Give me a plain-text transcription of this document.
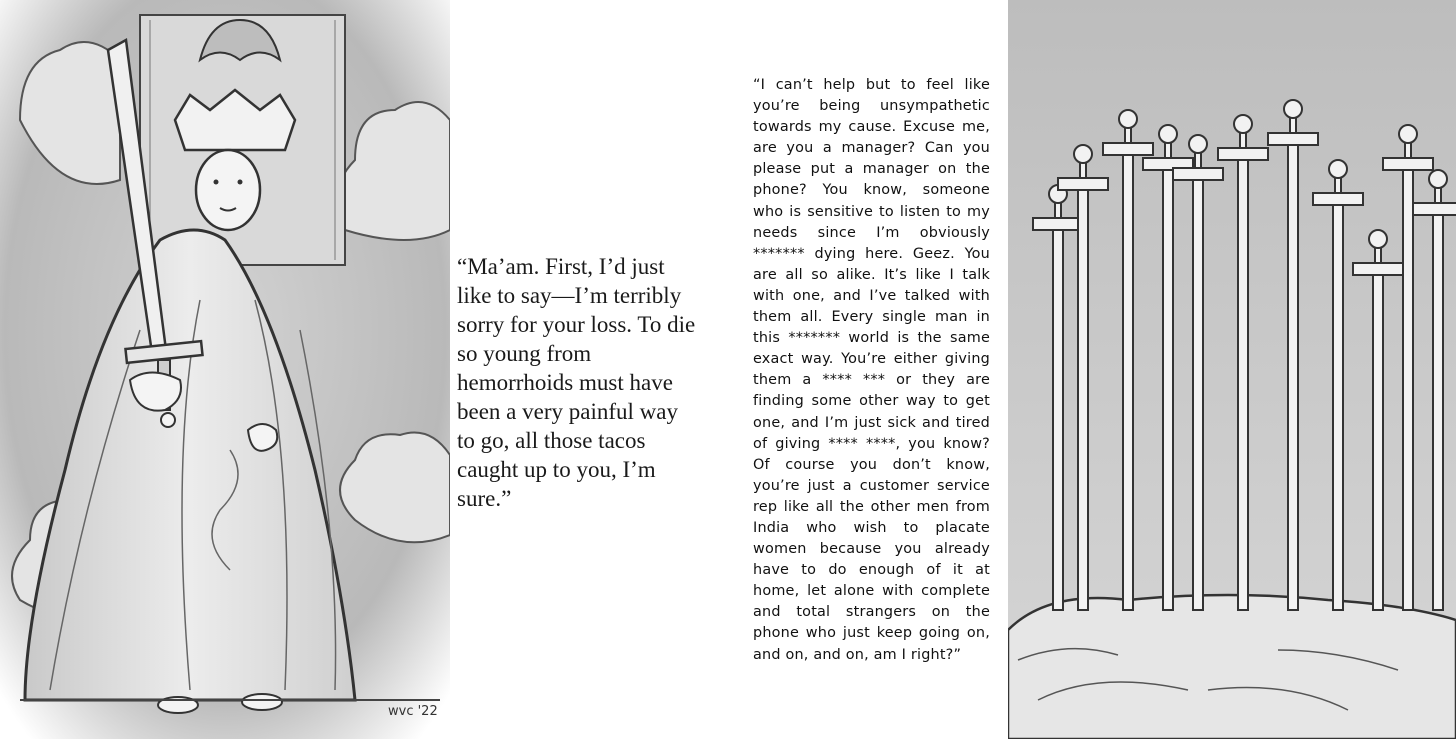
wvc '22

“Ma’am. First, I’d just like to say—I’m terribly sorry for your loss. To die so young from hemorrhoids must have been a very painful way to go, all those tacos caught up to you, I’m sure.”

“I can’t help but to feel like you’re being unsympathetic towards my cause. Excuse me, are you a manager? Can you please put a manager on the phone? You know, someone who is sensitive to listen to my needs since I’m obviously ******* dying here. Geez. You are all so alike. It’s like I talk with one, and I’ve talked with them all. Every single man in this ******* world is the same exact way. You’re either giving them a **** *** or they are finding some other way to get one, and I’m just sick and tired of giving **** ****, you know? Of course you don’t know, you’re just a customer service rep like all the other men from India who wish to placate women because you already have to do enough of it at home, let alone with complete and total strangers on the phone who just keep going on, and on, and on, am I right?”
